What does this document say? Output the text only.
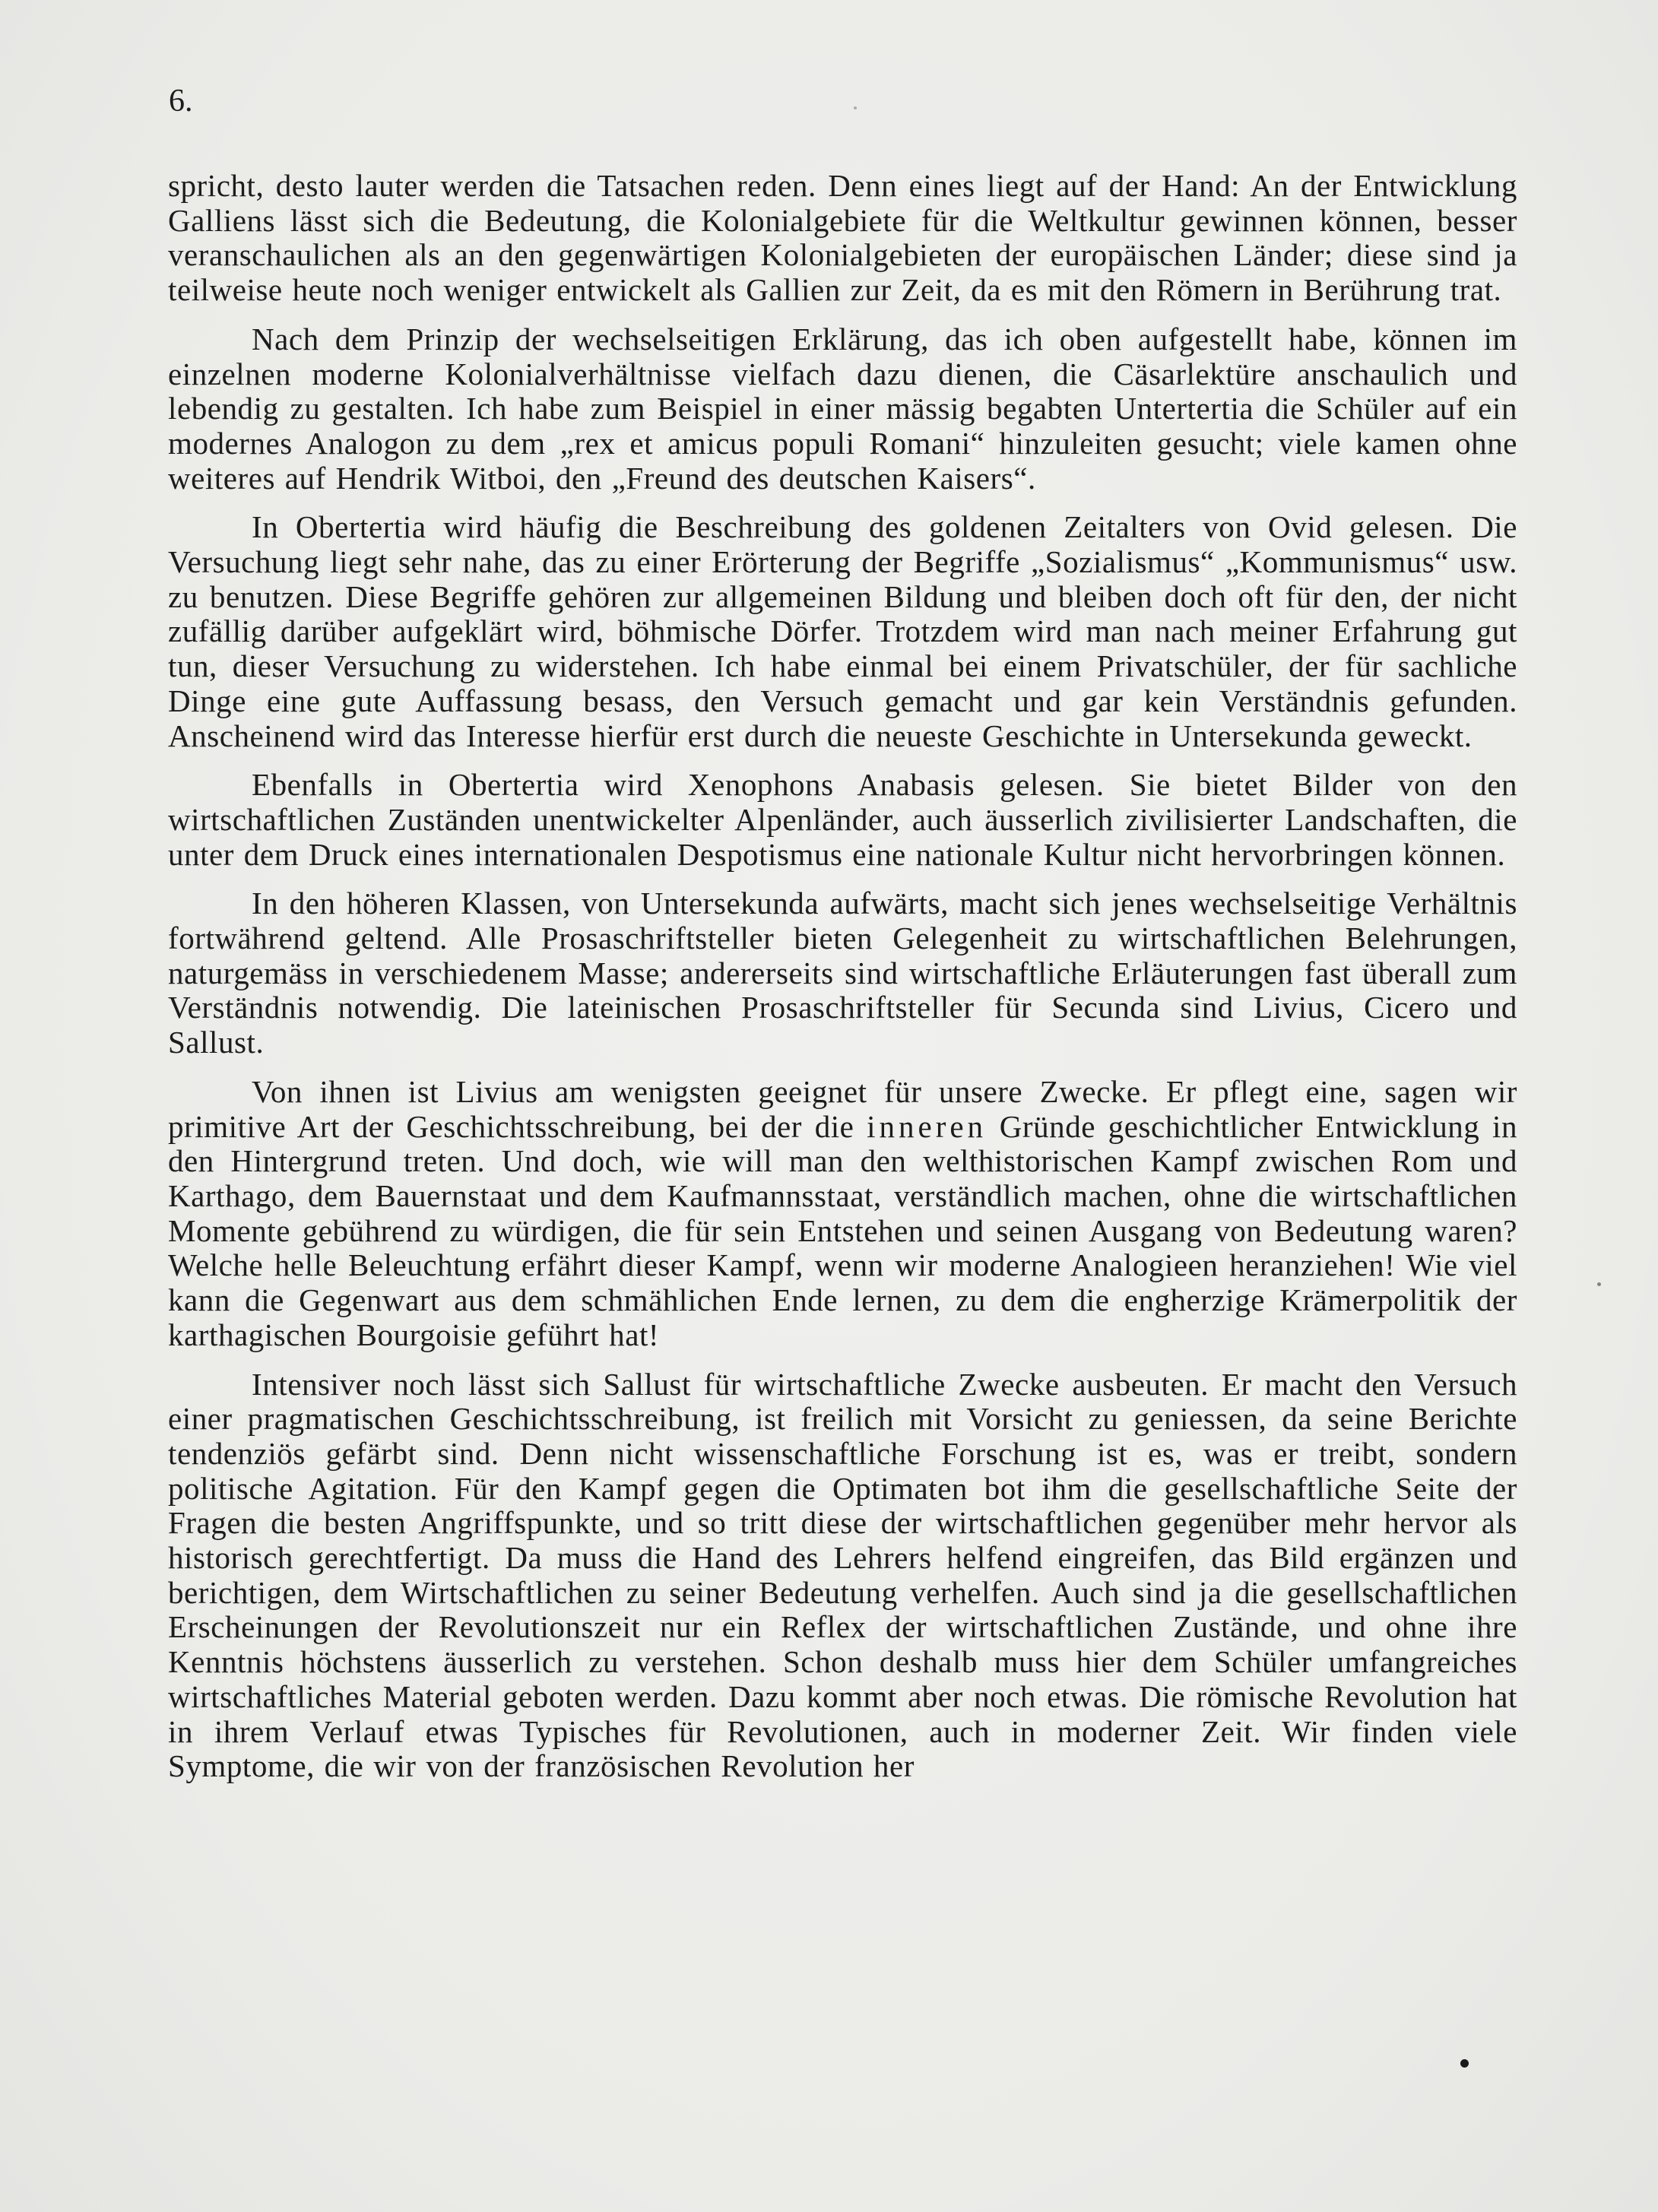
6.

spricht, desto lauter werden die Tatsachen reden. Denn eines liegt auf der Hand: An der Entwicklung Galliens lässt sich die Bedeutung, die Kolonialgebiete für die Weltkultur gewinnen können, besser veranschaulichen als an den gegenwärtigen Kolonialgebieten der europäischen Länder; diese sind ja teilweise heute noch weniger entwickelt als Gallien zur Zeit, da es mit den Römern in Berührung trat.

Nach dem Prinzip der wechselseitigen Erklärung, das ich oben aufgestellt habe, können im einzelnen moderne Kolonialverhältnisse vielfach dazu dienen, die Cäsarlektüre anschaulich und lebendig zu gestalten. Ich habe zum Beispiel in einer mässig begabten Untertertia die Schüler auf ein modernes Analogon zu dem „rex et amicus populi Romani“ hinzuleiten gesucht; viele kamen ohne weiteres auf Hendrik Witboi, den „Freund des deutschen Kaisers“.

In Obertertia wird häufig die Beschreibung des goldenen Zeitalters von Ovid gelesen. Die Versuchung liegt sehr nahe, das zu einer Erörterung der Begriffe „Sozialismus“ „Kommunismus“ usw. zu benutzen. Diese Begriffe gehören zur allgemeinen Bildung und bleiben doch oft für den, der nicht zufällig darüber aufgeklärt wird, böhmische Dörfer. Trotzdem wird man nach meiner Erfahrung gut tun, dieser Versuchung zu widerstehen. Ich habe einmal bei einem Privatschüler, der für sachliche Dinge eine gute Auffassung besass, den Versuch gemacht und gar kein Verständnis gefunden. Anscheinend wird das Interesse hierfür erst durch die neueste Geschichte in Untersekunda geweckt.

Ebenfalls in Obertertia wird Xenophons Anabasis gelesen. Sie bietet Bilder von den wirtschaftlichen Zuständen unentwickelter Alpenländer, auch äusserlich zivilisierter Landschaften, die unter dem Druck eines internationalen Despotismus eine nationale Kultur nicht hervorbringen können.

In den höheren Klassen, von Untersekunda aufwärts, macht sich jenes wechselseitige Verhältnis fortwährend geltend. Alle Prosaschriftsteller bieten Gelegenheit zu wirtschaftlichen Belehrungen, naturgemäss in verschiedenem Masse; andererseits sind wirtschaftliche Erläuterungen fast überall zum Verständnis notwendig. Die lateinischen Prosaschriftsteller für Secunda sind Livius, Cicero und Sallust.

Von ihnen ist Livius am wenigsten geeignet für unsere Zwecke. Er pflegt eine, sagen wir primitive Art der Geschichtsschreibung, bei der die inneren Gründe geschichtlicher Entwicklung in den Hintergrund treten. Und doch, wie will man den welthistorischen Kampf zwischen Rom und Karthago, dem Bauernstaat und dem Kaufmannsstaat, verständlich machen, ohne die wirtschaftlichen Momente gebührend zu würdigen, die für sein Entstehen und seinen Ausgang von Bedeutung waren? Welche helle Beleuchtung erfährt dieser Kampf, wenn wir moderne Analogieen heranziehen! Wie viel kann die Gegenwart aus dem schmählichen Ende lernen, zu dem die engherzige Krämerpolitik der karthagischen Bourgoisie geführt hat!

Intensiver noch lässt sich Sallust für wirtschaftliche Zwecke ausbeuten. Er macht den Versuch einer pragmatischen Geschichtsschreibung, ist freilich mit Vorsicht zu geniessen, da seine Berichte tendenziös gefärbt sind. Denn nicht wissenschaftliche Forschung ist es, was er treibt, sondern politische Agitation. Für den Kampf gegen die Optimaten bot ihm die gesellschaftliche Seite der Fragen die besten Angriffspunkte, und so tritt diese der wirtschaftlichen gegenüber mehr hervor als historisch gerechtfertigt. Da muss die Hand des Lehrers helfend eingreifen, das Bild ergänzen und berichtigen, dem Wirtschaftlichen zu seiner Bedeutung verhelfen. Auch sind ja die gesellschaftlichen Erscheinungen der Revolutionszeit nur ein Reflex der wirtschaftlichen Zustände, und ohne ihre Kenntnis höchstens äusserlich zu verstehen. Schon deshalb muss hier dem Schüler umfangreiches wirtschaftliches Material geboten werden. Dazu kommt aber noch etwas. Die römische Revolution hat in ihrem Verlauf etwas Typisches für Revolutionen, auch in moderner Zeit. Wir finden viele Symptome, die wir von der französischen Revolution her
